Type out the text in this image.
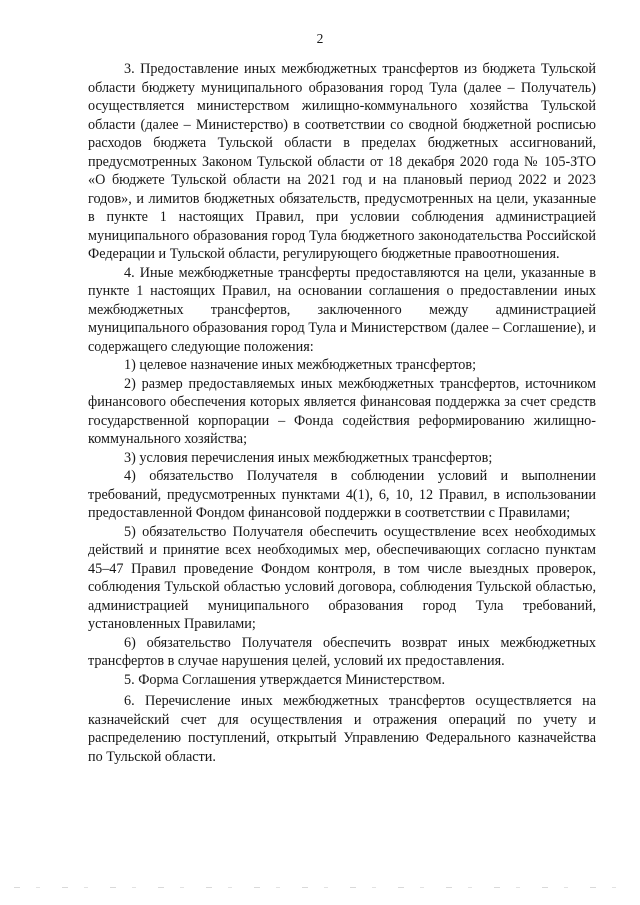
2

3. Предоставление иных межбюджетных трансфертов из бюджета Тульской области бюджету муниципального образования город Тула (далее – Получатель) осуществляется министерством жилищно-коммунального хозяйства Тульской области (далее – Министерство) в соответствии со сводной бюджетной росписью расходов бюджета Тульской области в пределах бюджетных ассигнований, предусмотренных Законом Тульской области от 18 декабря 2020 года № 105-ЗТО «О бюджете Тульской области на 2021 год и на плановый период 2022 и 2023 годов», и лимитов бюджетных обязательств, предусмотренных на цели, указанные в пункте 1 настоящих Правил, при условии соблюдения администрацией муниципального образования город Тула бюджетного законодательства Российской Федерации и Тульской области, регулирующего бюджетные правоотношения.

4. Иные межбюджетные трансферты предоставляются на цели, указанные в пункте 1 настоящих Правил, на основании соглашения о предоставлении иных межбюджетных трансфертов, заключенного между администрацией муниципального образования город Тула и Министерством (далее – Соглашение), и содержащего следующие положения:

1) целевое назначение иных межбюджетных трансфертов;

2) размер предоставляемых иных межбюджетных трансфертов, источником финансового обеспечения которых является финансовая поддержка за счет средств государственной корпорации – Фонда содействия реформированию жилищно-коммунального хозяйства;

3) условия перечисления иных межбюджетных трансфертов;

4) обязательство Получателя в соблюдении условий и выполнении требований, предусмотренных пунктами 4(1), 6, 10, 12 Правил, в использовании предоставленной Фондом финансовой поддержки в соответствии с Правилами;

5) обязательство Получателя обеспечить осуществление всех необходимых действий и принятие всех необходимых мер, обеспечивающих согласно пунктам 45–47 Правил проведение Фондом контроля, в том числе выездных проверок, соблюдения Тульской областью условий договора, соблюдения Тульской областью, администрацией муниципального образования город Тула требований, установленных Правилами;

6) обязательство Получателя обеспечить возврат иных межбюджетных трансфертов в случае нарушения целей, условий их предоставления.

5. Форма Соглашения утверждается Министерством.

6. Перечисление иных межбюджетных трансфертов осуществляется на казначейский счет для осуществления и отражения операций по учету и распределению поступлений, открытый Управлению Федерального казначейства по Тульской области.
